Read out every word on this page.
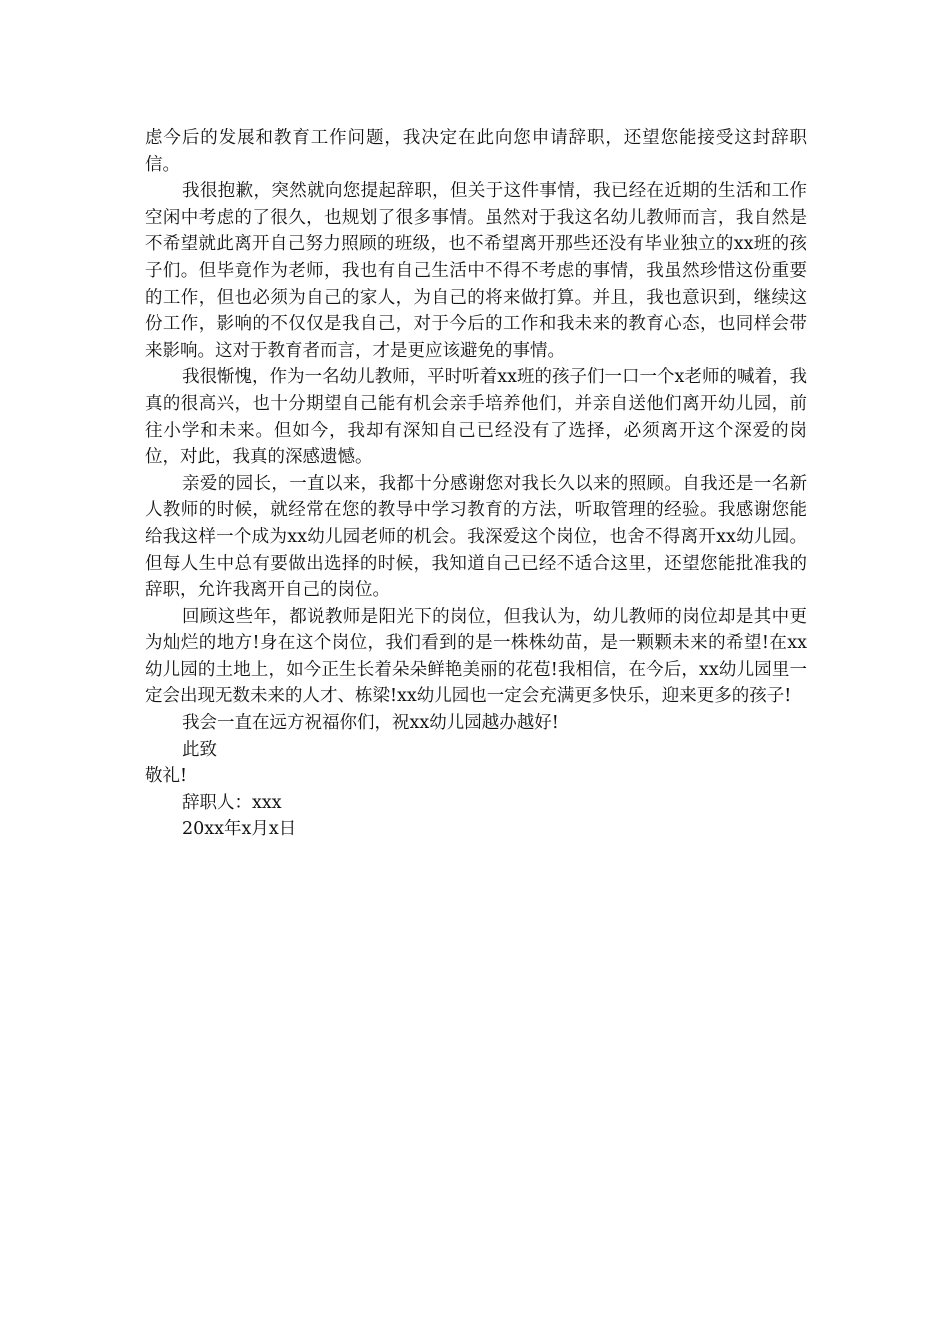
虑今后的发展和教育工作问题，我决定在此向您申请辞职，还望您能接受这封辞职信。

我很抱歉，突然就向您提起辞职，但关于这件事情，我已经在近期的生活和工作空闲中考虑的了很久，也规划了很多事情。虽然对于我这名幼儿教师而言，我自然是不希望就此离开自己努力照顾的班级，也不希望离开那些还没有毕业独立的xx班的孩子们。但毕竟作为老师，我也有自己生活中不得不考虑的事情，我虽然珍惜这份重要的工作，但也必须为自己的家人，为自己的将来做打算。并且，我也意识到，继续这份工作，影响的不仅仅是我自己，对于今后的工作和我未来的教育心态，也同样会带来影响。这对于教育者而言，才是更应该避免的事情。

我很惭愧，作为一名幼儿教师，平时听着xx班的孩子们一口一个x老师的喊着，我真的很高兴，也十分期望自己能有机会亲手培养他们，并亲自送他们离开幼儿园，前往小学和未来。但如今，我却有深知自己已经没有了选择，必须离开这个深爱的岗位，对此，我真的深感遗憾。

亲爱的园长，一直以来，我都十分感谢您对我长久以来的照顾。自我还是一名新人教师的时候，就经常在您的教导中学习教育的方法，听取管理的经验。我感谢您能给我这样一个成为xx幼儿园老师的机会。我深爱这个岗位，也舍不得离开xx幼儿园。但每人生中总有要做出选择的时候，我知道自己已经不适合这里，还望您能批准我的辞职，允许我离开自己的岗位。

回顾这些年，都说教师是阳光下的岗位，但我认为，幼儿教师的岗位却是其中更为灿烂的地方!身在这个岗位，我们看到的是一株株幼苗，是一颗颗未来的希望!在xx幼儿园的土地上，如今正生长着朵朵鲜艳美丽的花苞!我相信，在今后，xx幼儿园里一定会出现无数未来的人才、栋梁!xx幼儿园也一定会充满更多快乐，迎来更多的孩子!

我会一直在远方祝福你们，祝xx幼儿园越办越好!

此致

敬礼!

辞职人：xxx

20xx年x月x日
